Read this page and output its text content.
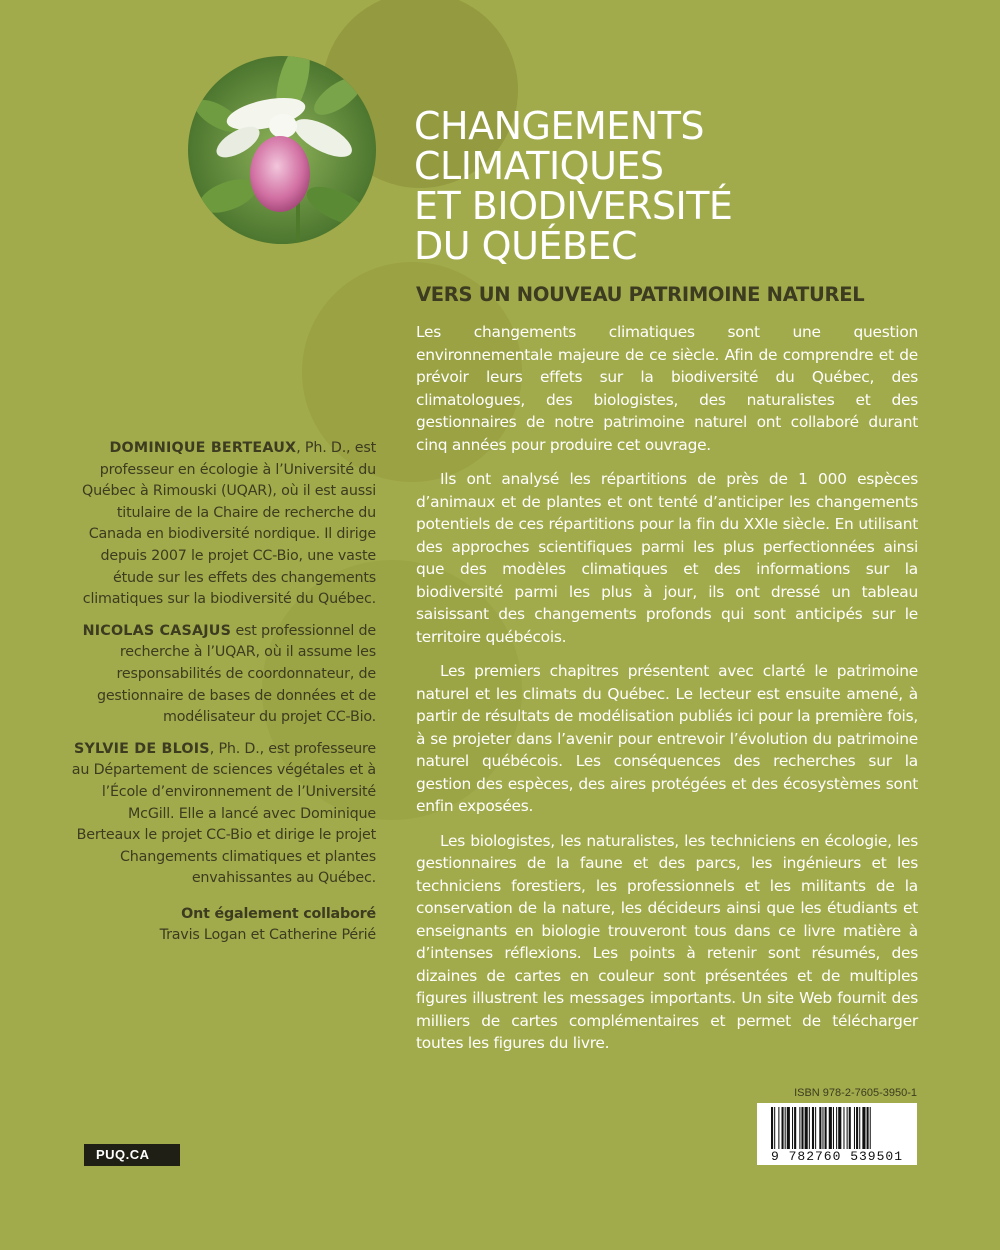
CHANGEMENTS
CLIMATIQUES
ET BIODIVERSITÉ
DU QUÉBEC
VERS UN NOUVEAU PATRIMOINE NATUREL

Les changements climatiques sont une question environnementale majeure de ce siècle. Afin de comprendre et de prévoir leurs effets sur la biodiversité du Québec, des climatologues, des biologistes, des naturalistes et des gestionnaires de notre patrimoine naturel ont collaboré durant cinq années pour produire cet ouvrage.

Ils ont analysé les répartitions de près de 1 000 espèces d’animaux et de plantes et ont tenté d’anticiper les changements potentiels de ces répartitions pour la fin du XXIe siècle. En utilisant des approches scientifiques parmi les plus perfectionnées ainsi que des modèles climatiques et des informations sur la biodiversité parmi les plus à jour, ils ont dressé un tableau saisissant des changements profonds qui sont anticipés sur le territoire québécois.

Les premiers chapitres présentent avec clarté le patrimoine naturel et les climats du Québec. Le lecteur est ensuite amené, à partir de résultats de modélisation publiés ici pour la première fois, à se projeter dans l’avenir pour entrevoir l’évolution du patrimoine naturel québécois. Les conséquences des recherches sur la gestion des espèces, des aires protégées et des écosystèmes sont enfin exposées.

Les biologistes, les naturalistes, les techniciens en écologie, les gestionnaires de la faune et des parcs, les ingénieurs et les techniciens forestiers, les professionnels et les militants de la conservation de la nature, les décideurs ainsi que les étudiants et enseignants en biologie trouveront tous dans ce livre matière à d’intenses réflexions. Les points à retenir sont résumés, des dizaines de cartes en couleur sont présentées et de multiples figures illustrent les messages importants. Un site Web fournit des milliers de cartes complémentaires et permet de télécharger toutes les figures du livre.

DOMINIQUE BERTEAUX, Ph. D., est professeur en écologie à l’Université du Québec à Rimouski (UQAR), où il est aussi titulaire de la Chaire de recherche du Canada en biodiversité nordique. Il dirige depuis 2007 le projet CC-Bio, une vaste étude sur les effets des changements climatiques sur la biodiversité du Québec.

NICOLAS CASAJUS est professionnel de recherche à l’UQAR, où il assume les responsabilités de coordonnateur, de gestionnaire de bases de données et de modélisateur du projet CC-Bio.

SYLVIE DE BLOIS, Ph. D., est professeure au Département de sciences végétales et à l’École d’environnement de l’Université McGill. Elle a lancé avec Dominique Berteaux le projet CC-Bio et dirige le projet Changements climatiques et plantes envahissantes au Québec.

Ont également collaboré
Travis Logan et Catherine Périé
ISBN 978-2-7605-3950-1
9 782760 539501
PUQ.CA
